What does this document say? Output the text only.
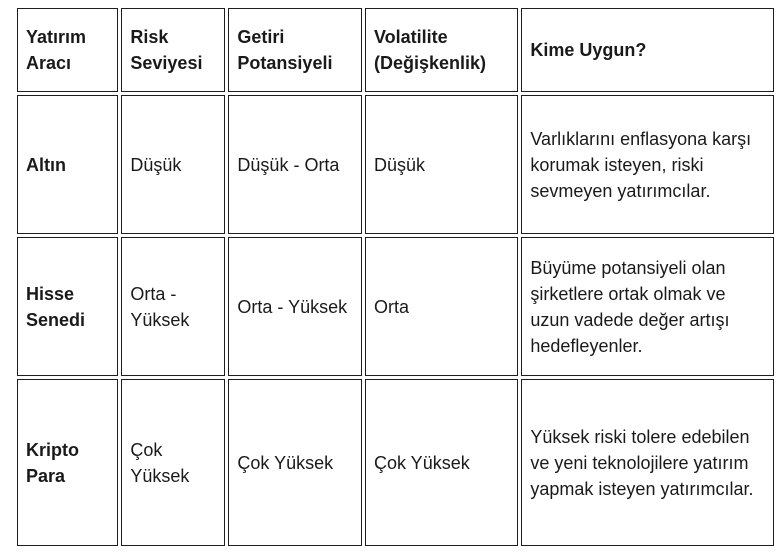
Yatırım Aracı	Risk Seviyesi	Getiri Potansiyeli	Volatilite (Değişkenlik)	Kime Uygun?
Altın	Düşük	Düşük - Orta	Düşük	Varlıklarını enflasyona karşı korumak isteyen, riski sevmeyen yatırımcılar.
Hisse Senedi	Orta - Yüksek	Orta - Yüksek	Orta	Büyüme potansiyeli olan şirketlere ortak olmak ve uzun vadede değer artışı hedefleyenler.
Kripto Para	Çok Yüksek	Çok Yüksek	Çok Yüksek	Yüksek riski tolere edebilen ve yeni teknolojilere yatırım yapmak isteyen yatırımcılar.
